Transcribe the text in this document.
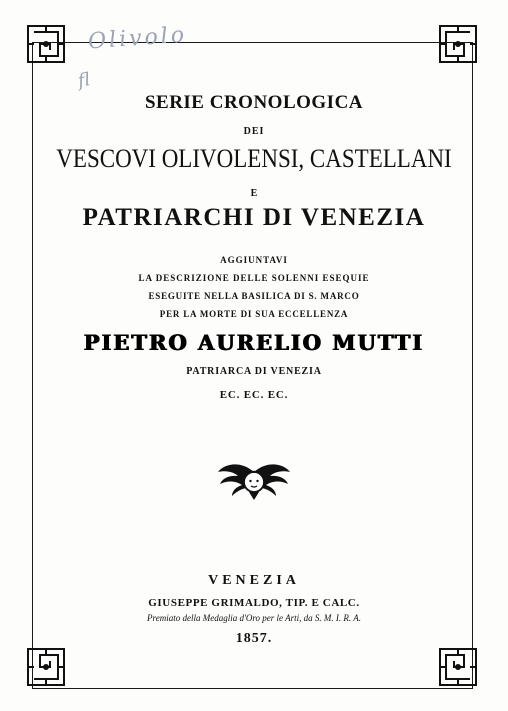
Olivolo
fl
SERIE CRONOLOGICA
DEI
VESCOVI OLIVOLENSI, CASTELLANI
E
PATRIARCHI DI VENEZIA
AGGIUNTAVI
LA DESCRIZIONE DELLE SOLENNI ESEQUIE
ESEGUITE NELLA BASILICA DI S. MARCO
PER LA MORTE DI SUA ECCELLENZA
PIETRO AURELIO MUTTI
PATRIARCA DI VENEZIA
EC. EC. EC.
VENEZIA
GIUSEPPE GRIMALDO, TIP. E CALC.
Premiato della Medaglia d'Oro per le Arti, da S. M. I. R. A.
1857.
